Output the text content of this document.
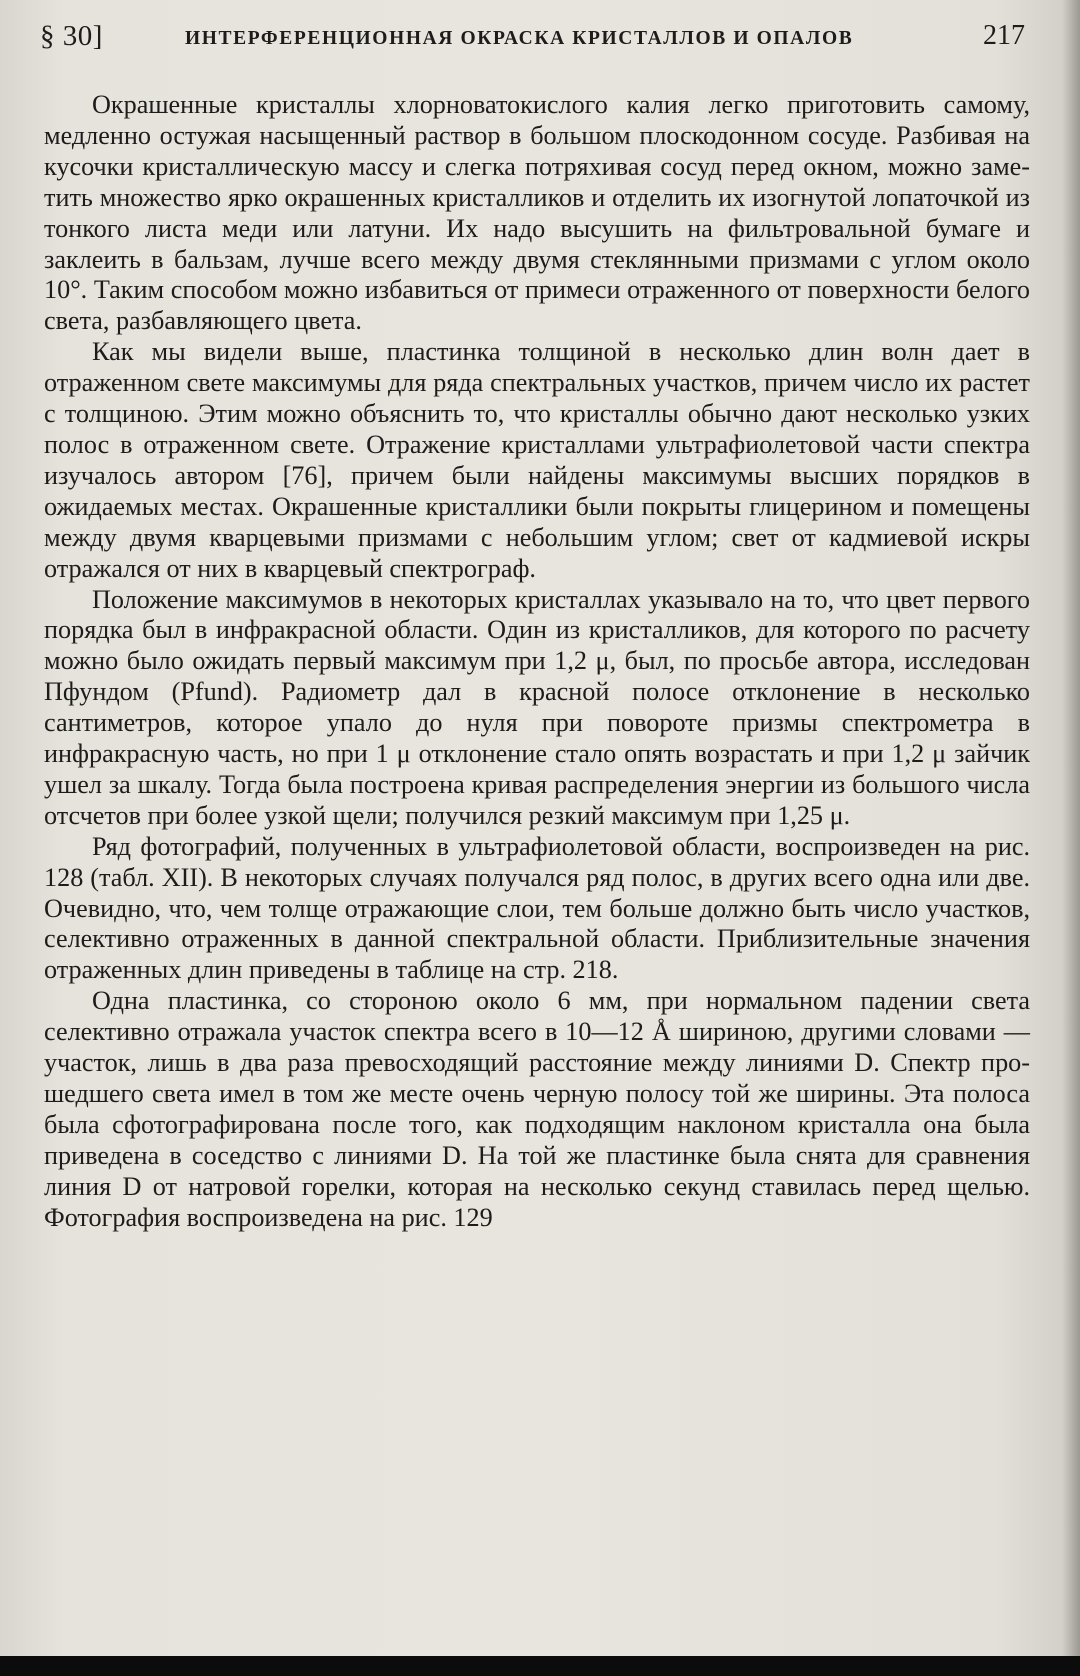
§ 30]	ИНТЕРФЕРЕНЦИОННАЯ ОКРАСКА КРИСТАЛЛОВ И ОПАЛОВ	217

Окрашенные кристаллы хлорноватокислого калия легко приготовить самому, медленно остужая насыщенный раствор в большом плоскодонном сосуде. Разбивая на кусочки кристаллическую массу и слегка потряхивая сосуд перед окном, можно заметить множество ярко окрашенных кристалликов и отделить их изогнутой лопаточкой из тонкого листа меди или латуни. Их надо высушить на фильтровальной бумаге и заклеить в бальзам, лучше всего между двумя стеклянными призмами с углом около 10°. Таким способом можно избавиться от примеси отраженного от поверхности белого света, разбавляющего цвета.

Как мы видели выше, пластинка толщиной в несколько длин волн дает в отраженном свете максимумы для ряда спектральных участков, причем число их растет с толщиною. Этим можно объяснить то, что кристаллы обычно дают несколько узких полос в отраженном свете. Отражение кристаллами ультрафиолетовой части спектра изучалось автором [76], причем были найдены максимумы высших порядков в ожидаемых местах. Окрашенные кристаллики были покрыты глицерином и помещены между двумя кварцевыми призмами с небольшим углом; свет от кадмиевой искры отражался от них в кварцевый спектрограф.

Положение максимумов в некоторых кристаллах указывало на то, что цвет первого порядка был в инфракрасной области. Один из кристалликов, для которого по расчету можно было ожидать первый максимум при 1,2 μ, был, по просьбе автора, исследован Пфундом (Pfund). Радиометр дал в красной полосе отклонение в несколько сантиметров, которое упало до нуля при повороте призмы спектрометра в инфракрасную часть, но при 1 μ отклонение стало опять возрастать и при 1,2 μ зайчик ушел за шкалу. Тогда была построена кривая распределения энергии из большого числа отсчетов при более узкой щели; получился резкий максимум при 1,25 μ.

Ряд фотографий, полученных в ультрафиолетовой области, воспроизведен на рис. 128 (табл. XII). В некоторых случаях получался ряд полос, в других всего одна или две. Очевидно, что, чем толще отражающие слои, тем больше должно быть число участков, селективно отраженных в данной спектральной области. Приблизительные значения отраженных длин приведены в таблице на стр. 218.

Одна пластинка, со стороною около 6 мм, при нормальном падении света селективно отражала участок спектра всего в 10—12 Å шириною, другими словами — участок, лишь в два раза превосходящий расстояние между линиями D. Спектр прошедшего света имел в том же месте очень черную полосу той же ширины. Эта полоса была сфотографирована после того, как подходящим наклоном кристалла она была приведена в соседство с линиями D. На той же пластинке была снята для сравнения линия D от натровой горелки, которая на несколько секунд ставилась перед щелью. Фотография воспроизведена на рис. 129
